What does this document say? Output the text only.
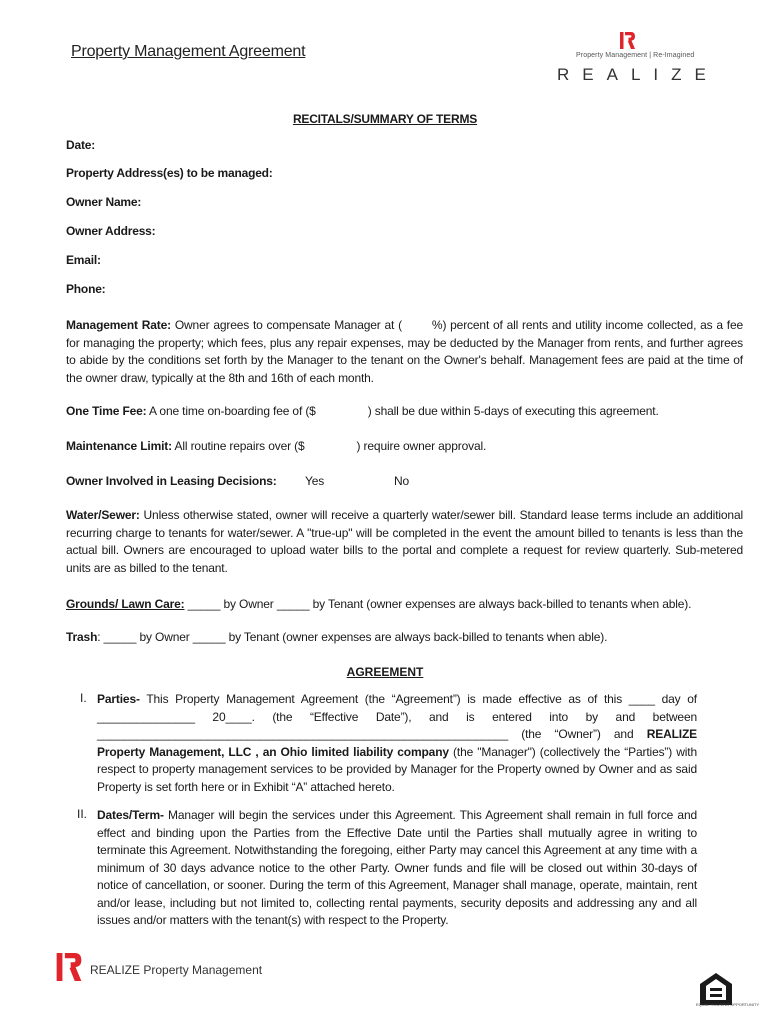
Property Management Agreement	Property Management | Re-Imagined
REALIZE
RECITALS/SUMMARY OF TERMS
Date:
Property Address(es) to be managed:
Owner Name:
Owner Address:
Email:
Phone:
Management Rate: Owner agrees to compensate Manager at (	%) percent of all rents and utility income collected, as a fee for managing the property; which fees, plus any repair expenses, may be deducted by the Manager from rents, and further agrees to abide by the conditions set forth by the Manager to the tenant on the Owner's behalf. Management fees are paid at the time of the owner draw, typically at the 8th and 16th of each month.
One Time Fee: A one time on-boarding fee of ($	) shall be due within 5-days of executing this agreement.
Maintenance Limit: All routine repairs over ($	) require owner approval.
Owner Involved in Leasing Decisions: Yes	No
Water/Sewer: Unless otherwise stated, owner will receive a quarterly water/sewer bill. Standard lease terms include an additional recurring charge to tenants for water/sewer. A "true-up" will be completed in the event the amount billed to tenants is less than the actual bill. Owners are encouraged to upload water bills to the portal and complete a request for review quarterly. Sub-metered units are as billed to the tenant.
Grounds/ Lawn Care: _____ by Owner _____ by Tenant (owner expenses are always back-billed to tenants when able).
Trash: _____ by Owner _____ by Tenant (owner expenses are always back-billed to tenants when able).
AGREEMENT
I. Parties- This Property Management Agreement (the “Agreement”) is made effective as of this ____ day of _______________ 20____. (the “Effective Date”), and is entered into by and between _______________________________________________________________ (the “Owner”) and REALIZE Property Management, LLC , an Ohio limited liability company (the "Manager") (collectively the “Parties”) with respect to property management services to be provided by Manager for the Property owned by Owner and as said Property is set forth here or in Exhibit “A” attached hereto.
II. Dates/Term- Manager will begin the services under this Agreement. This Agreement shall remain in full force and effect and binding upon the Parties from the Effective Date until the Parties shall mutually agree in writing to terminate this Agreement. Notwithstanding the foregoing, either Party may cancel this Agreement at any time with a minimum of 30 days advance notice to the other Party. Owner funds and file will be closed out within 30-days of notice of cancellation, or sooner. During the term of this Agreement, Manager shall manage, operate, maintain, rent and/or lease, including but not limited to, collecting rental payments, security deposits and addressing any and all issues and/or matters with the tenant(s) with respect to the Property.
REALIZE Property Management
EQUAL HOUSING OPPORTUNITY
